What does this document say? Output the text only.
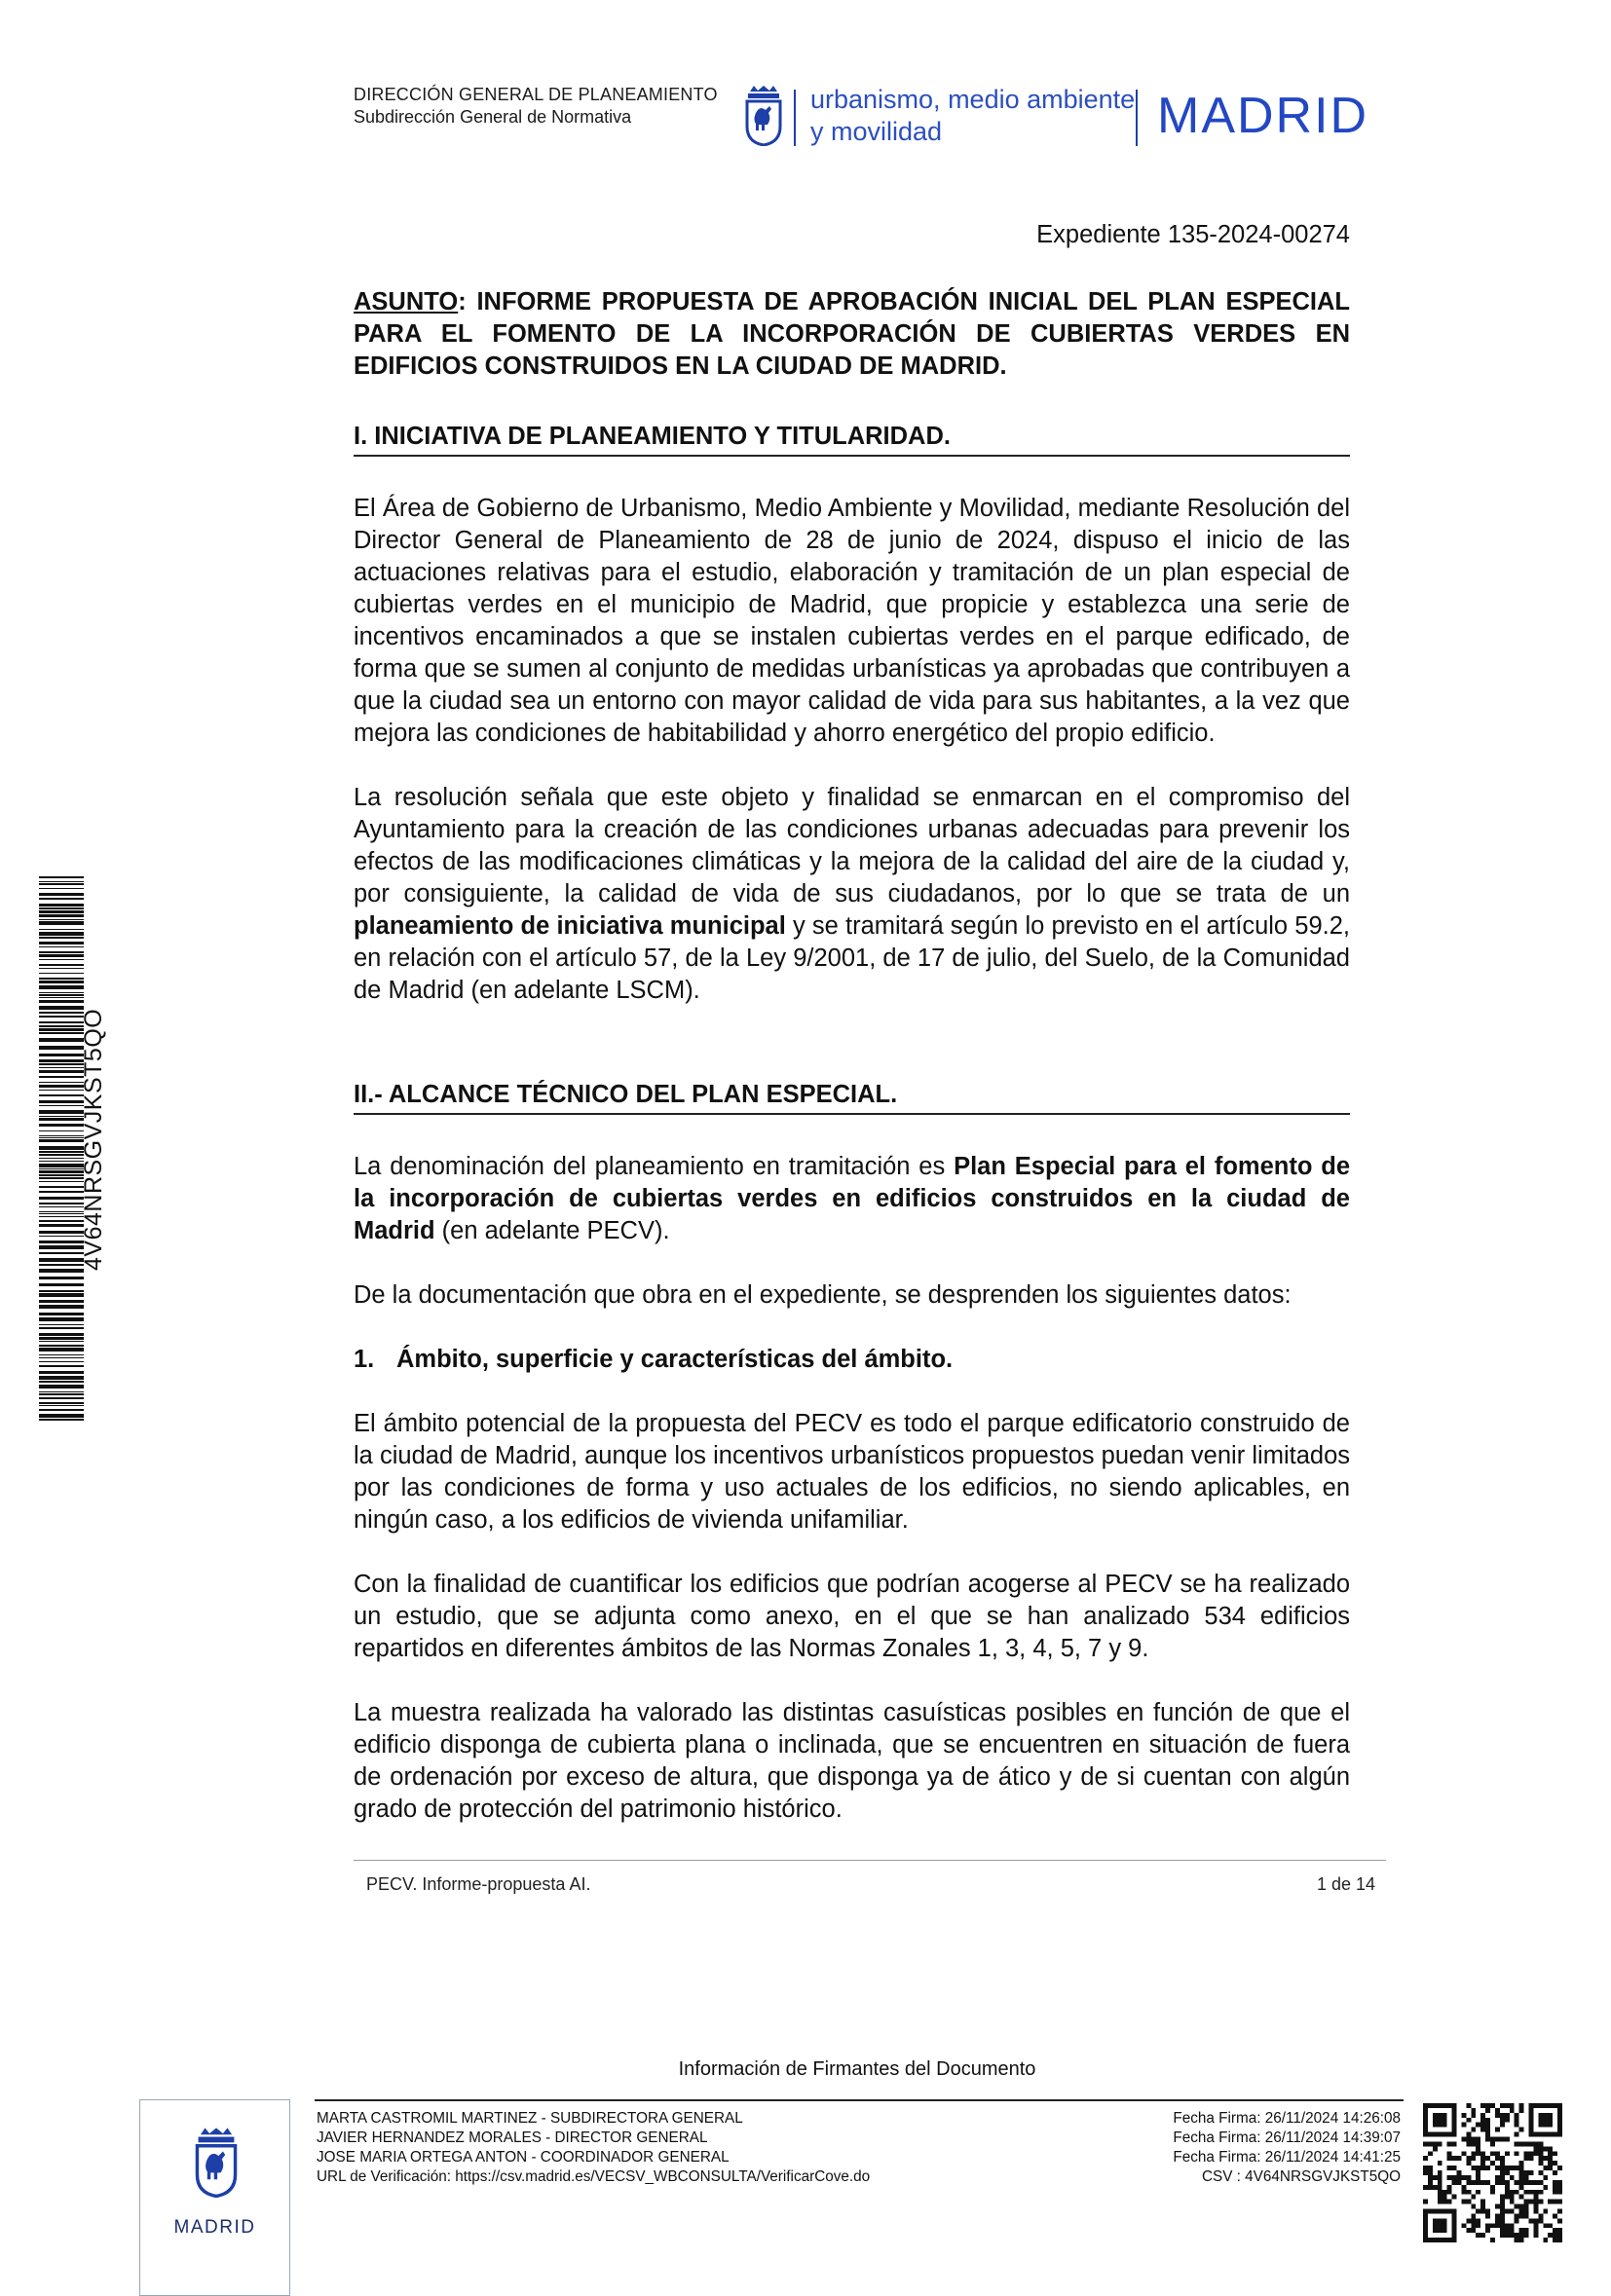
DIRECCIÓN GENERAL DE PLANEAMIENTO
Subdirección General de Normativa
urbanismo, medio ambiente
y movilidad	MADRID
Expediente 135-2024-00274
ASUNTO: INFORME PROPUESTA DE APROBACIÓN INICIAL DEL PLAN ESPECIAL PARA EL FOMENTO DE LA INCORPORACIÓN DE CUBIERTAS VERDES EN EDIFICIOS CONSTRUIDOS EN LA CIUDAD DE MADRID.
I. INICIATIVA DE PLANEAMIENTO Y TITULARIDAD.
El Área de Gobierno de Urbanismo, Medio Ambiente y Movilidad, mediante Resolución del Director General de Planeamiento de 28 de junio de 2024, dispuso el inicio de las actuaciones relativas para el estudio, elaboración y tramitación de un plan especial de cubiertas verdes en el municipio de Madrid, que propicie y establezca una serie de incentivos encaminados a que se instalen cubiertas verdes en el parque edificado, de forma que se sumen al conjunto de medidas urbanísticas ya aprobadas que contribuyen a que la ciudad sea un entorno con mayor calidad de vida para sus habitantes, a la vez que mejora las condiciones de habitabilidad y ahorro energético del propio edificio.
La resolución señala que este objeto y finalidad se enmarcan en el compromiso del Ayuntamiento para la creación de las condiciones urbanas adecuadas para prevenir los efectos de las modificaciones climáticas y la mejora de la calidad del aire de la ciudad y, por consiguiente, la calidad de vida de sus ciudadanos, por lo que se trata de un planeamiento de iniciativa municipal y se tramitará según lo previsto en el artículo 59.2, en relación con el artículo 57, de la Ley 9/2001, de 17 de julio, del Suelo, de la Comunidad de Madrid (en adelante LSCM).
II.- ALCANCE TÉCNICO DEL PLAN ESPECIAL.
La denominación del planeamiento en tramitación es Plan Especial para el fomento de la incorporación de cubiertas verdes en edificios construidos en la ciudad de Madrid (en adelante PECV).
De la documentación que obra en el expediente, se desprenden los siguientes datos:
1. Ámbito, superficie y características del ámbito.
El ámbito potencial de la propuesta del PECV es todo el parque edificatorio construido de la ciudad de Madrid, aunque los incentivos urbanísticos propuestos puedan venir limitados por las condiciones de forma y uso actuales de los edificios, no siendo aplicables, en ningún caso, a los edificios de vivienda unifamiliar.
Con la finalidad de cuantificar los edificios que podrían acogerse al PECV se ha realizado un estudio, que se adjunta como anexo, en el que se han analizado 534 edificios repartidos en diferentes ámbitos de las Normas Zonales 1, 3, 4, 5, 7 y 9.
La muestra realizada ha valorado las distintas casuísticas posibles en función de que el edificio disponga de cubierta plana o inclinada, que se encuentren en situación de fuera de ordenación por exceso de altura, que disponga ya de ático y de si cuentan con algún grado de protección del patrimonio histórico.
PECV. Informe-propuesta AI.	1 de 14
4V64NRSGVJKST5QO
Información de Firmantes del Documento
MADRID
MARTA CASTROMIL MARTINEZ - SUBDIRECTORA GENERAL
JAVIER HERNANDEZ MORALES - DIRECTOR GENERAL
JOSE MARIA ORTEGA ANTON - COORDINADOR GENERAL
URL de Verificación: https://csv.madrid.es/VECSV_WBCONSULTA/VerificarCove.do
Fecha Firma: 26/11/2024 14:26:08
Fecha Firma: 26/11/2024 14:39:07
Fecha Firma: 26/11/2024 14:41:25
CSV : 4V64NRSGVJKST5QO
